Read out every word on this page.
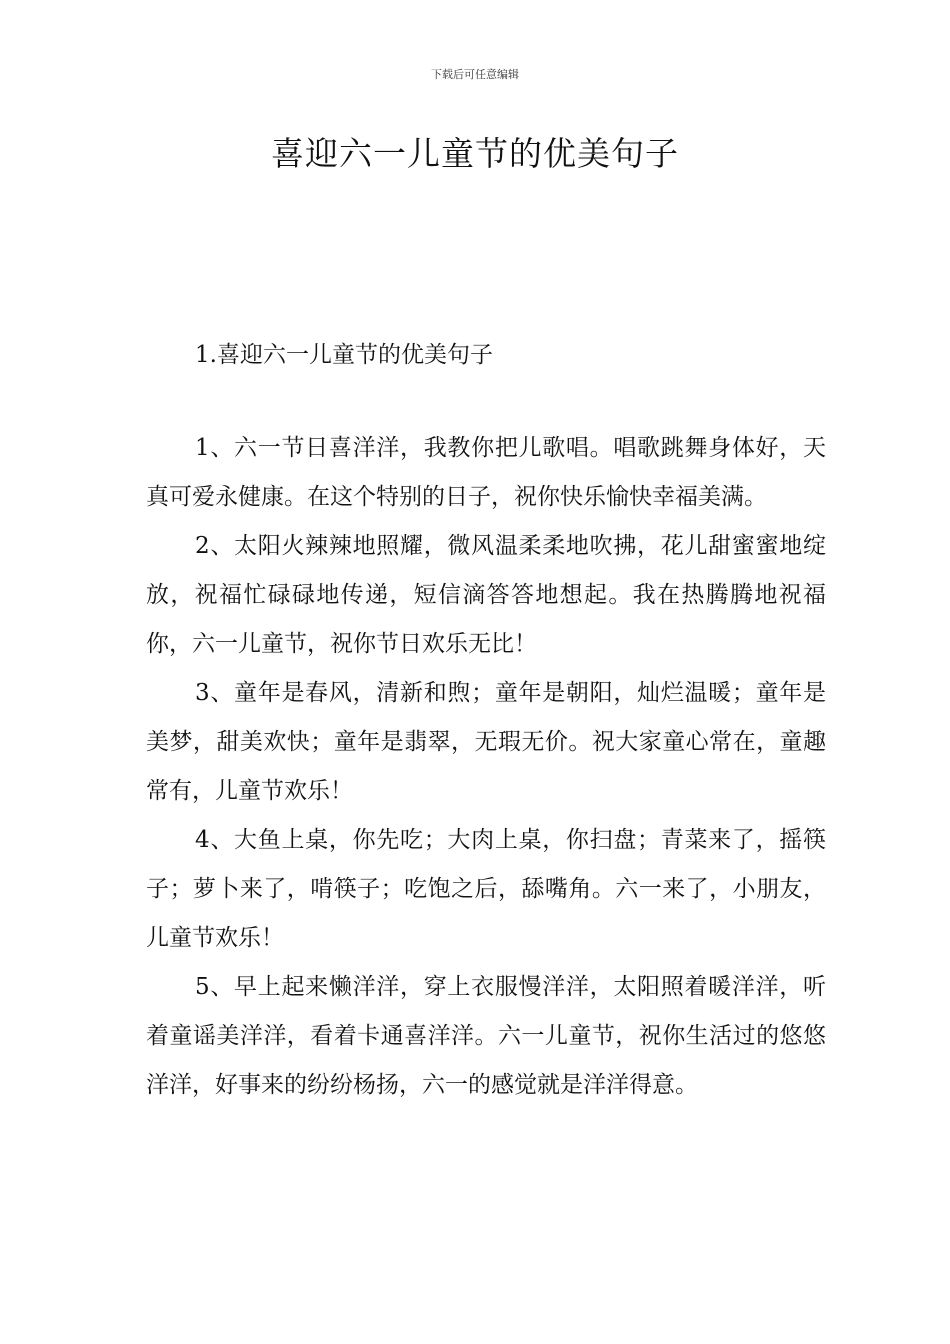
下载后可任意编辑
喜迎六一儿童节的优美句子

1.喜迎六一儿童节的优美句子

1、六一节日喜洋洋，我教你把儿歌唱。唱歌跳舞身体好，天真可爱永健康。在这个特别的日子，祝你快乐愉快幸福美满。

2、太阳火辣辣地照耀，微风温柔柔地吹拂，花儿甜蜜蜜地绽放，祝福忙碌碌地传递，短信滴答答地想起。我在热腾腾地祝福你，六一儿童节，祝你节日欢乐无比！

3、童年是春风，清新和煦；童年是朝阳，灿烂温暖；童年是美梦，甜美欢快；童年是翡翠，无瑕无价。祝大家童心常在，童趣常有，儿童节欢乐！

4、大鱼上桌，你先吃；大肉上桌，你扫盘；青菜来了，摇筷子；萝卜来了，啃筷子；吃饱之后，舔嘴角。六一来了，小朋友，儿童节欢乐！

5、早上起来懒洋洋，穿上衣服慢洋洋，太阳照着暖洋洋，听着童谣美洋洋，看着卡通喜洋洋。六一儿童节，祝你生活过的悠悠洋洋，好事来的纷纷杨扬，六一的感觉就是洋洋得意。
